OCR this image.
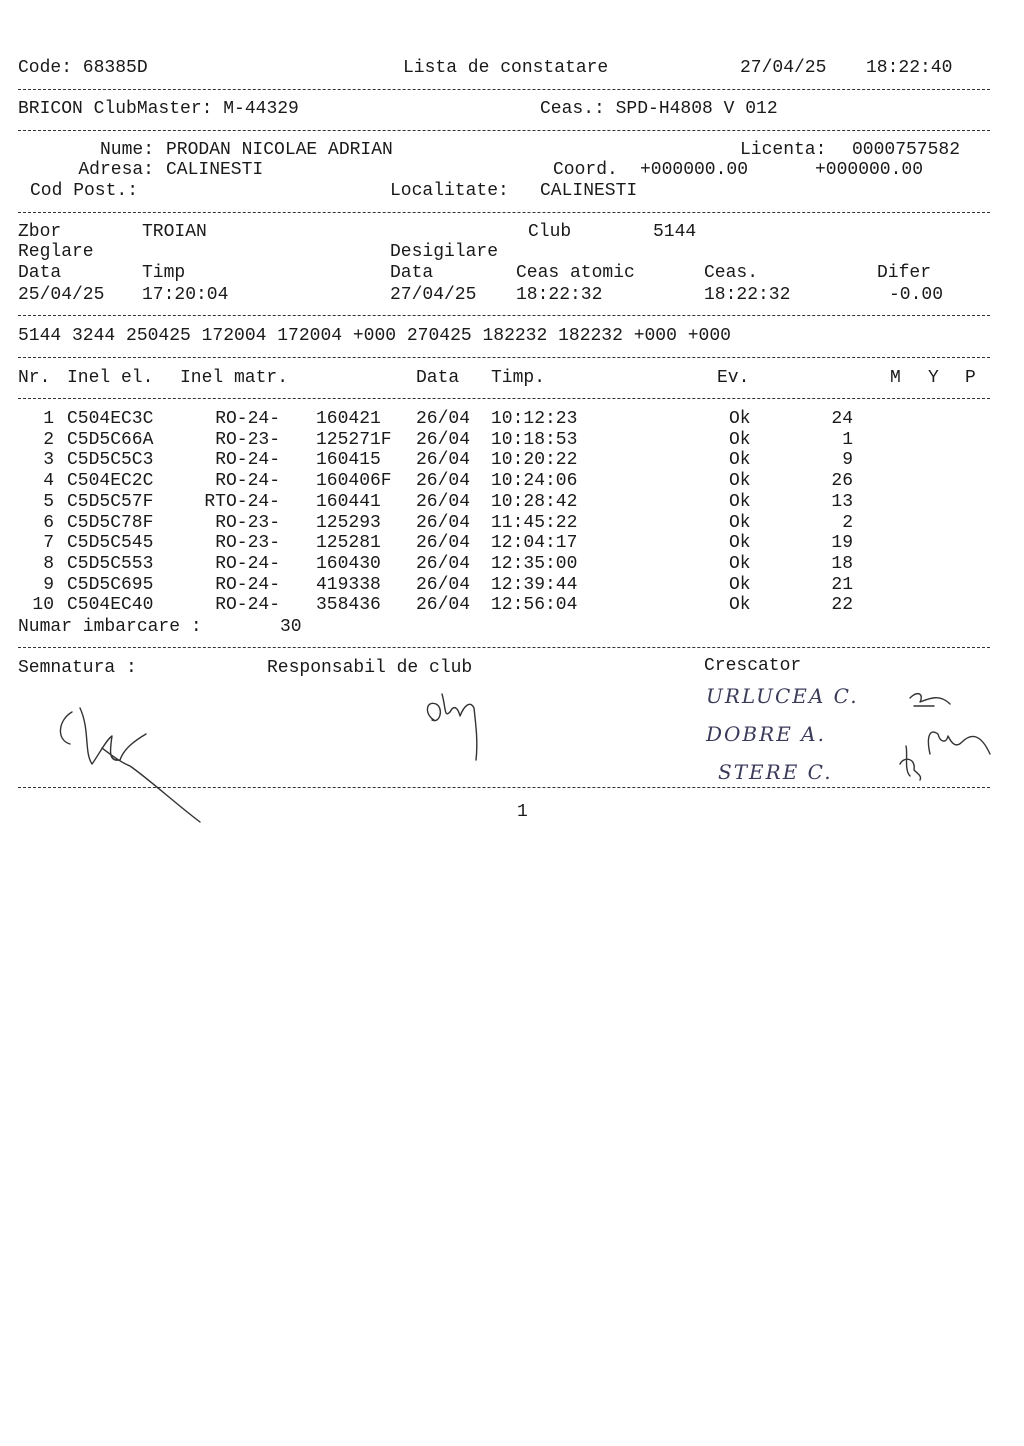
Code: 68385D	Lista de constatare	27/04/25 18:22:40
BRICON ClubMaster: M-44329	Ceas.: SPD-H4808 V 012
Nume: PRODAN NICOLAE ADRIAN	Licenta: 0000757582
Adresa: CALINESTI	Coord. +000000.00	+000000.00
Cod Post.:	Localitate: CALINESTI
Zbor	TROIAN	Club	5144
Reglare	Desigilare
Data	Timp	Data	Ceas atomic	Ceas.	Difer
25/04/25 17:20:04	27/04/25 18:22:32	18:22:32	-0.00
5144 3244 250425 172004 172004 +000 270425 182232 182232 +000 +000
Nr. Inel el. Inel matr.	Data Timp.	Ev.	M Y P
1 C504EC3C	RO-24- 160421 26/04 10:12:23	Ok	24
2 C5D5C66A	RO-23- 125271F 26/04 10:18:53	Ok	1
3 C5D5C5C3	RO-24- 160415 26/04 10:20:22	Ok	9
4 C504EC2C	RO-24- 160406F 26/04 10:24:06	Ok	26
5 C5D5C57F	RTO-24- 160441 26/04 10:28:42	Ok	13
6 C5D5C78F	RO-23- 125293 26/04 11:45:22	Ok	2
7 C5D5C545	RO-23- 125281 26/04 12:04:17	Ok	19
8 C5D5C553	RO-24- 160430 26/04 12:35:00	Ok	18
9 C5D5C695	RO-24- 419338 26/04 12:39:44	Ok	21
10 C504EC40	RO-24- 358436 26/04 12:56:04	Ok	22
Numar imbarcare :	30
Semnatura :	Responsabil de club	Crescator
URLUCEA C.
DOBRE A.
STERE C.
1
